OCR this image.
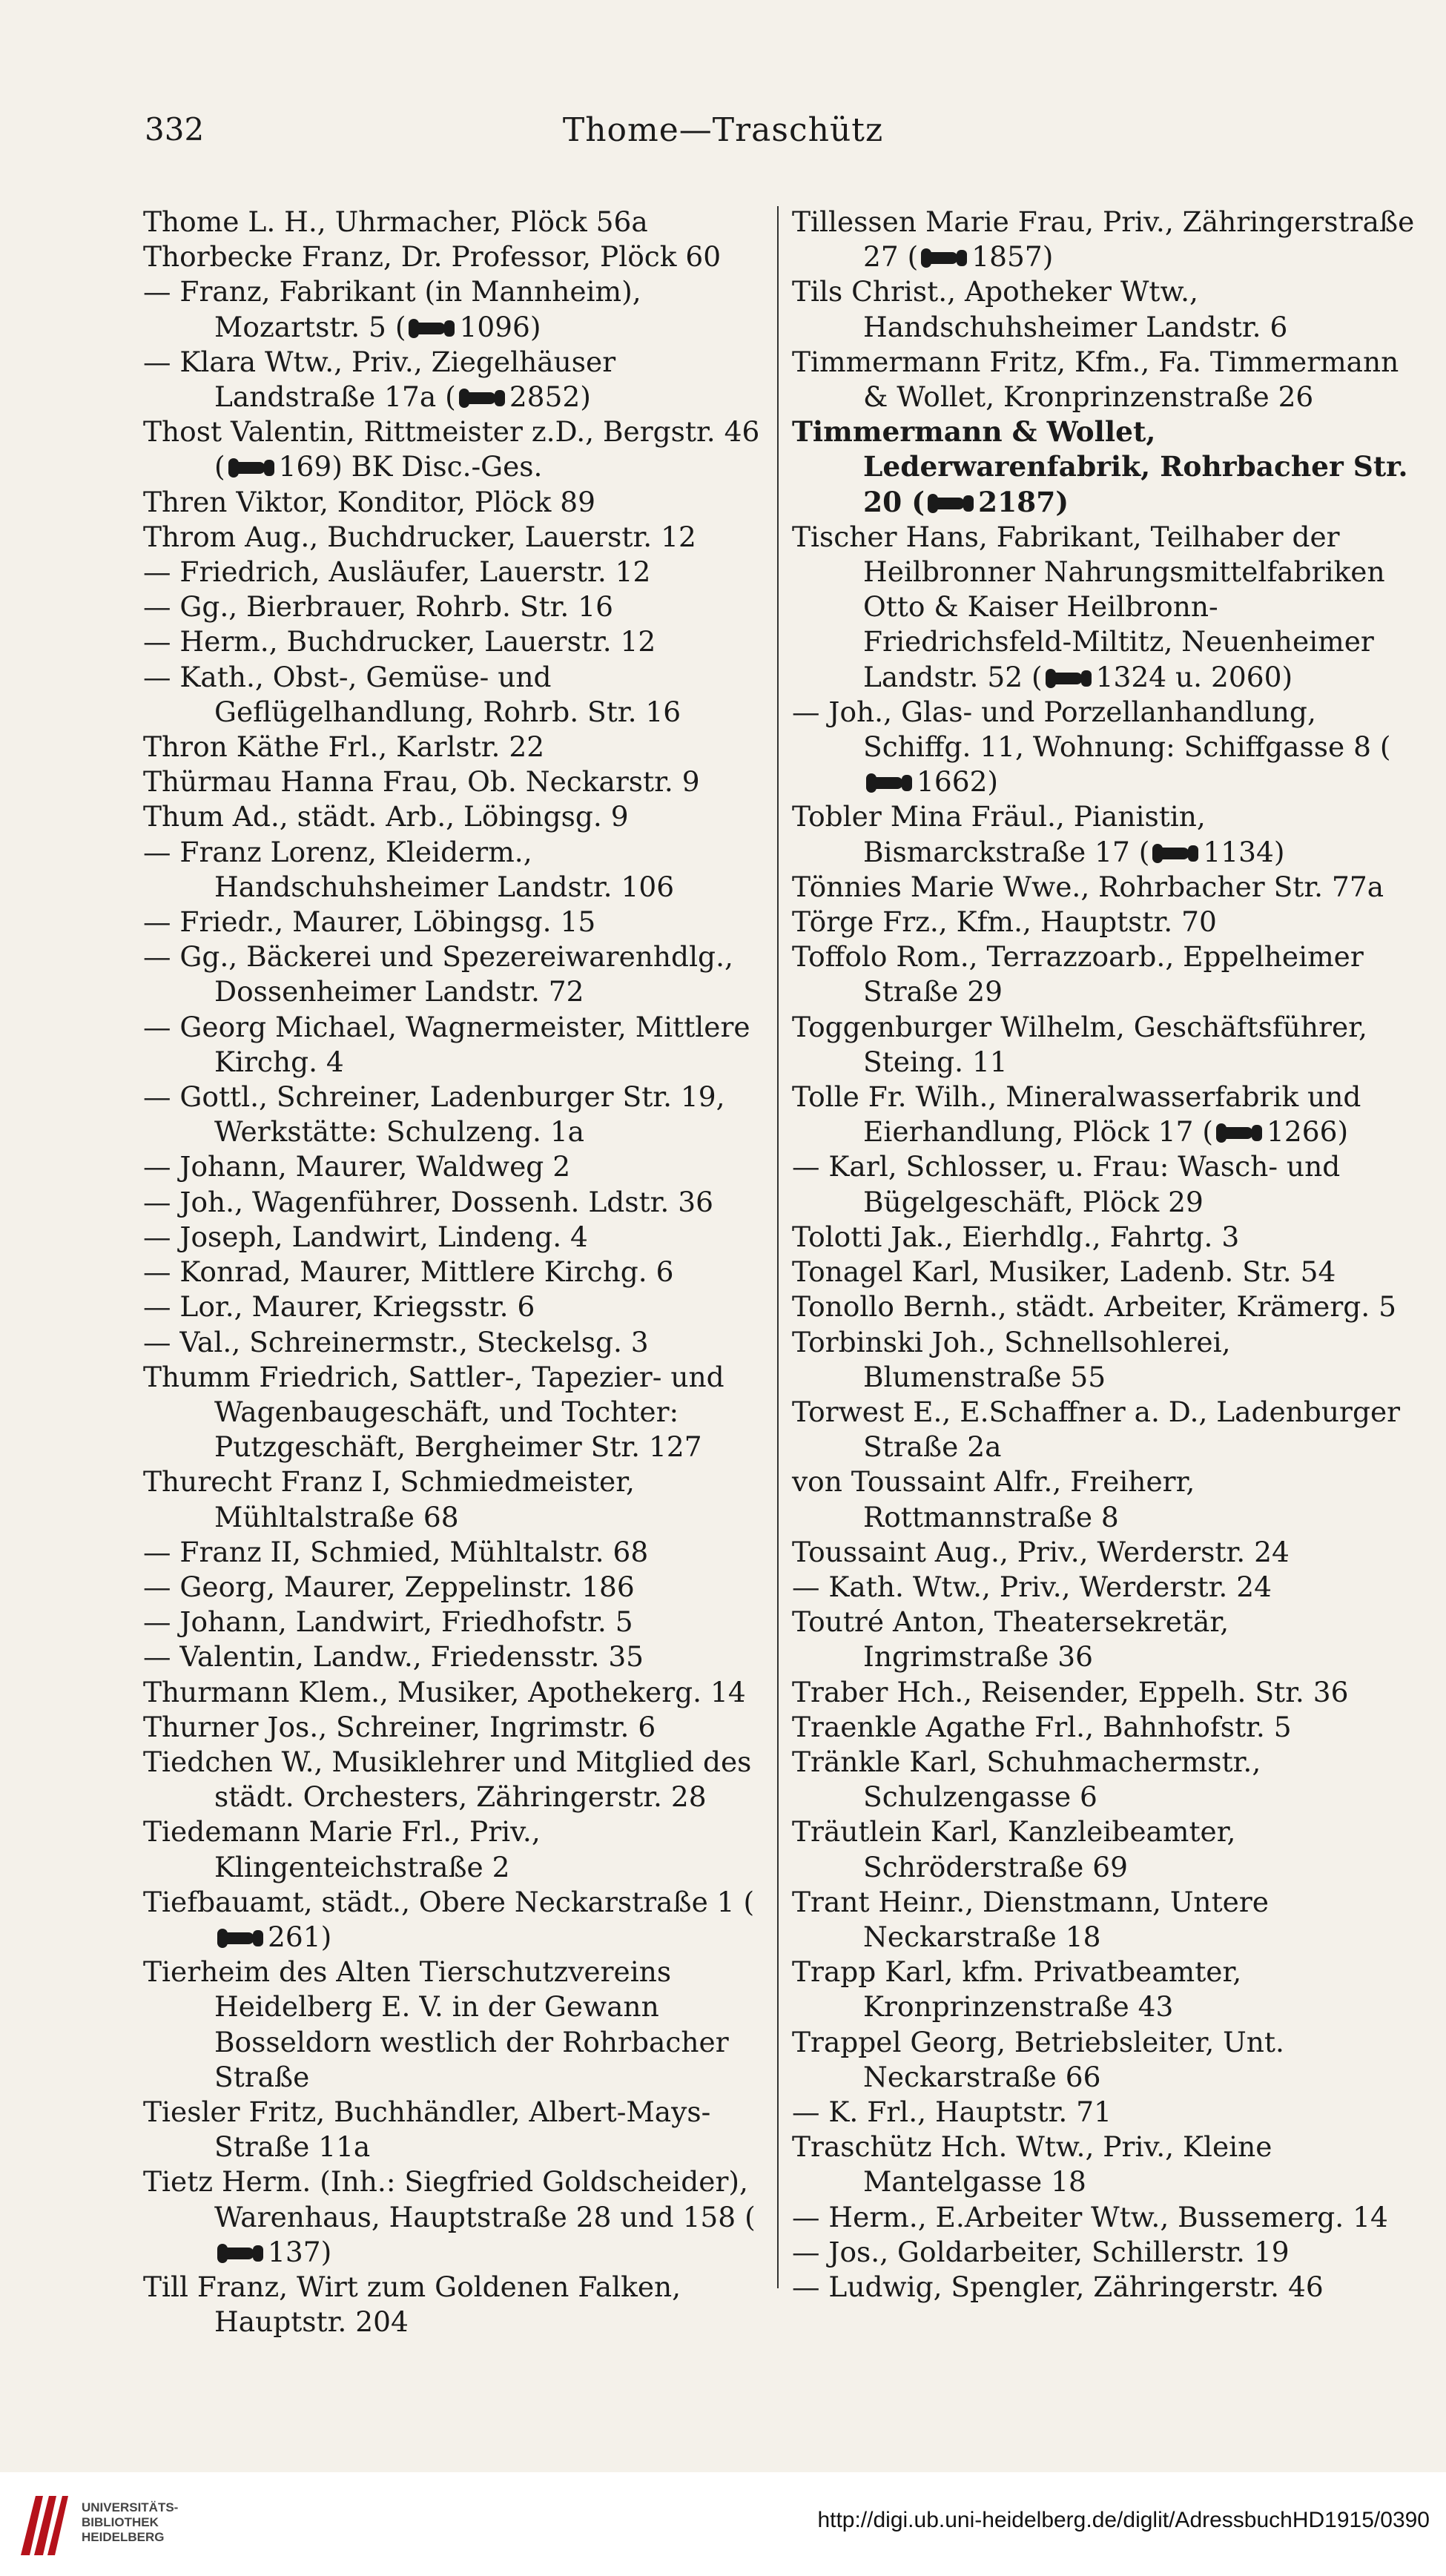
332	Thome—Traschütz
Thome L. H., Uhrmacher, Plöck 56a
Thorbecke Franz, Dr. Professor, Plöck 60
— Franz, Fabrikant (in Mannheim), Mozartstr. 5 ( 1096)
— Klara Wtw., Priv., Ziegelhäuser Landstraße 17a ( 2852)
Thost Valentin, Rittmeister z.D., Bergstr. 46 ( 169) BK Disc.-Ges.
Thren Viktor, Konditor, Plöck 89
Throm Aug., Buchdrucker, Lauerstr. 12
— Friedrich, Ausläufer, Lauerstr. 12
— Gg., Bierbrauer, Rohrb. Str. 16
— Herm., Buchdrucker, Lauerstr. 12
— Kath., Obst-, Gemüse- und Geflügelhandlung, Rohrb. Str. 16
Thron Käthe Frl., Karlstr. 22
Thürmau Hanna Frau, Ob. Neckarstr. 9
Thum Ad., städt. Arb., Löbingsg. 9
— Franz Lorenz, Kleiderm., Handschuhsheimer Landstr. 106
— Friedr., Maurer, Löbingsg. 15
— Gg., Bäckerei und Spezereiwarenhdlg., Dossenheimer Landstr. 72
— Georg Michael, Wagnermeister, Mittlere Kirchg. 4
— Gottl., Schreiner, Ladenburger Str. 19, Werkstätte: Schulzeng. 1a
— Johann, Maurer, Waldweg 2
— Joh., Wagenführer, Dossenh. Ldstr. 36
— Joseph, Landwirt, Lindeng. 4
— Konrad, Maurer, Mittlere Kirchg. 6
— Lor., Maurer, Kriegsstr. 6
— Val., Schreinermstr., Steckelsg. 3
Thumm Friedrich, Sattler-, Tapezier- und Wagenbaugeschäft, und Tochter: Putzgeschäft, Bergheimer Str. 127
Thurecht Franz I, Schmiedmeister, Mühltalstraße 68
— Franz II, Schmied, Mühltalstr. 68
— Georg, Maurer, Zeppelinstr. 186
— Johann, Landwirt, Friedhofstr. 5
— Valentin, Landw., Friedensstr. 35
Thurmann Klem., Musiker, Apothekerg. 14
Thurner Jos., Schreiner, Ingrimstr. 6
Tiedchen W., Musiklehrer und Mitglied des städt. Orchesters, Zähringerstr. 28
Tiedemann Marie Frl., Priv., Klingenteichstraße 2
Tiefbauamt, städt., Obere Neckarstraße 1 (
261)
Tierheim des Alten Tierschutzvereins Heidelberg E. V. in der Gewann Bosseldorn westlich der Rohrbacher Straße
Tiesler Fritz, Buchhändler, Albert-Mays-Straße 11a
Tietz Herm. (Inh.: Siegfried Goldscheider), Warenhaus, Hauptstraße 28 und 158 (
137)
Till Franz, Wirt zum Goldenen Falken, Hauptstr. 204
Tillessen Marie Frau, Priv., Zähringerstraße 27 ( 1857)
Tils Christ., Apotheker Wtw., Handschuhsheimer Landstr. 6
Timmermann Fritz, Kfm., Fa. Timmermann & Wollet, Kronprinzenstraße 26
Timmermann & Wollet, Lederwarenfabrik, Rohrbacher Str. 20 ( 2187)
Tischer Hans, Fabrikant, Teilhaber der Heilbronner Nahrungsmittelfabriken Otto & Kaiser Heilbronn-Friedrichsfeld-Miltitz, Neuenheimer Landstr. 52 ( 1324 u. 2060)
— Joh., Glas- und Porzellanhandlung, Schiffg. 11, Wohnung: Schiffgasse 8 (
1662)
Tobler Mina Fräul., Pianistin, Bismarckstraße 17 ( 1134)
Tönnies Marie Wwe., Rohrbacher Str. 77a
Törge Frz., Kfm., Hauptstr. 70
Toffolo Rom., Terrazzoarb., Eppelheimer Straße 29
Toggenburger Wilhelm, Geschäftsführer, Steing. 11
Tolle Fr. Wilh., Mineralwasserfabrik und Eierhandlung, Plöck 17 ( 1266)
— Karl, Schlosser, u. Frau: Wasch- und Bügelgeschäft, Plöck 29
Tolotti Jak., Eierhdlg., Fahrtg. 3
Tonagel Karl, Musiker, Ladenb. Str. 54
Tonollo Bernh., städt. Arbeiter, Krämerg. 5
Torbinski Joh., Schnellsohlerei, Blumenstraße 55
Torwest E., E.Schaffner a. D., Ladenburger Straße 2a
von Toussaint Alfr., Freiherr, Rottmannstraße 8
Toussaint Aug., Priv., Werderstr. 24
— Kath. Wtw., Priv., Werderstr. 24
Toutré Anton, Theatersekretär, Ingrimstraße 36
Traber Hch., Reisender, Eppelh. Str. 36
Traenkle Agathe Frl., Bahnhofstr. 5
Tränkle Karl, Schuhmachermstr., Schulzengasse 6
Träutlein Karl, Kanzleibeamter, Schröderstraße 69
Trant Heinr., Dienstmann, Untere Neckarstraße 18
Trapp Karl, kfm. Privatbeamter, Kronprinzenstraße 43
Trappel Georg, Betriebsleiter, Unt. Neckarstraße 66
— K. Frl., Hauptstr. 71
Traschütz Hch. Wtw., Priv., Kleine Mantelgasse 18
— Herm., E.Arbeiter Wtw., Bussemerg. 14
— Jos., Goldarbeiter, Schillerstr. 19
— Ludwig, Spengler, Zähringerstr. 46
UNIVERSITÄTS-
BIBLIOTHEK
HEIDELBERG
http://digi.ub.uni-heidelberg.de/diglit/AdressbuchHD1915/0390
